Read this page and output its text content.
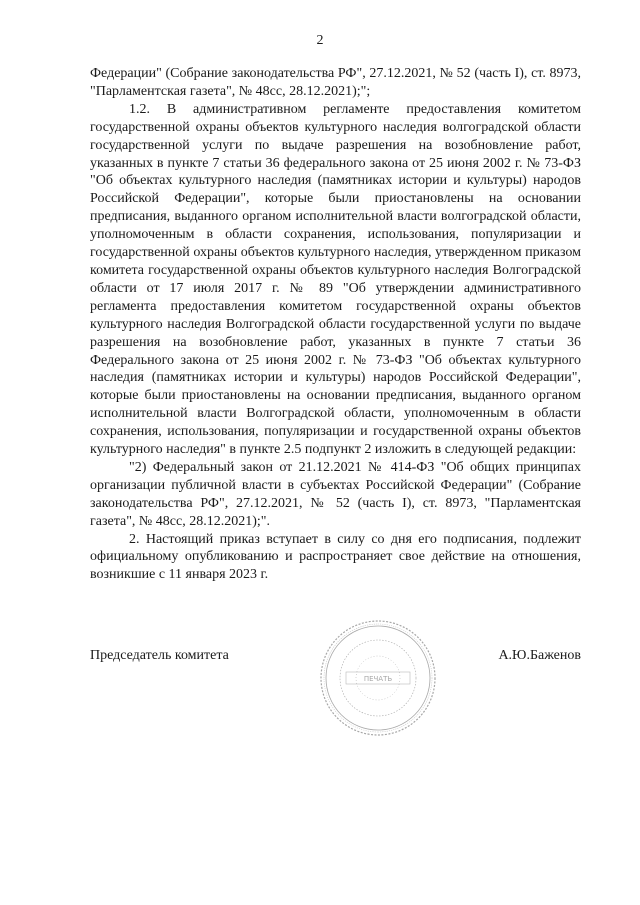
2

Федерации" (Собрание законодательства РФ", 27.12.2021, № 52 (часть I), ст. 8973, "Парламентская газета", № 48сс, 28.12.2021);";

1.2. В административном регламенте предоставления комитетом государственной охраны объектов культурного наследия волгоградской области государственной услуги по выдаче разрешения на возобновление работ, указанных в пункте 7 статьи 36 федерального закона от 25 июня 2002 г. № 73-ФЗ "Об объектах культурного наследия (памятниках истории и культуры) народов Российской Федерации", которые были приостановлены на основании предписания, выданного органом исполнительной власти волгоградской области, уполномоченным в области сохранения, использования, популяризации и государственной охраны объектов культурного наследия, утвержденном приказом комитета государственной охраны объектов культурного наследия Волгоградской области от 17 июля 2017 г. № 89 "Об утверждении административного регламента предоставления комитетом государственной охраны объектов культурного наследия Волгоградской области государственной услуги по выдаче разрешения на возобновление работ, указанных в пункте 7 статьи 36 Федерального закона от 25 июня 2002 г. № 73-ФЗ "Об объектах культурного наследия (памятниках истории и культуры) народов Российской Федерации", которые были приостановлены на основании предписания, выданного органом исполнительной власти Волгоградской области, уполномоченным в области сохранения, использования, популяризации и государственной охраны объектов культурного наследия" в пункте 2.5 подпункт 2 изложить в следующей редакции:

"2) Федеральный закон от 21.12.2021 № 414-ФЗ "Об общих принципах организации публичной власти в субъектах Российской Федерации" (Собрание законодательства РФ", 27.12.2021, № 52 (часть I), ст. 8973, "Парламентская газета", № 48сс, 28.12.2021);".

2. Настоящий приказ вступает в силу со дня его подписания, подлежит официальному опубликованию и распространяет свое действие на отношения, возникшие с 11 января 2023 г.

Председатель комитета	А.Ю.Баженов
ПЕЧАТЬ
